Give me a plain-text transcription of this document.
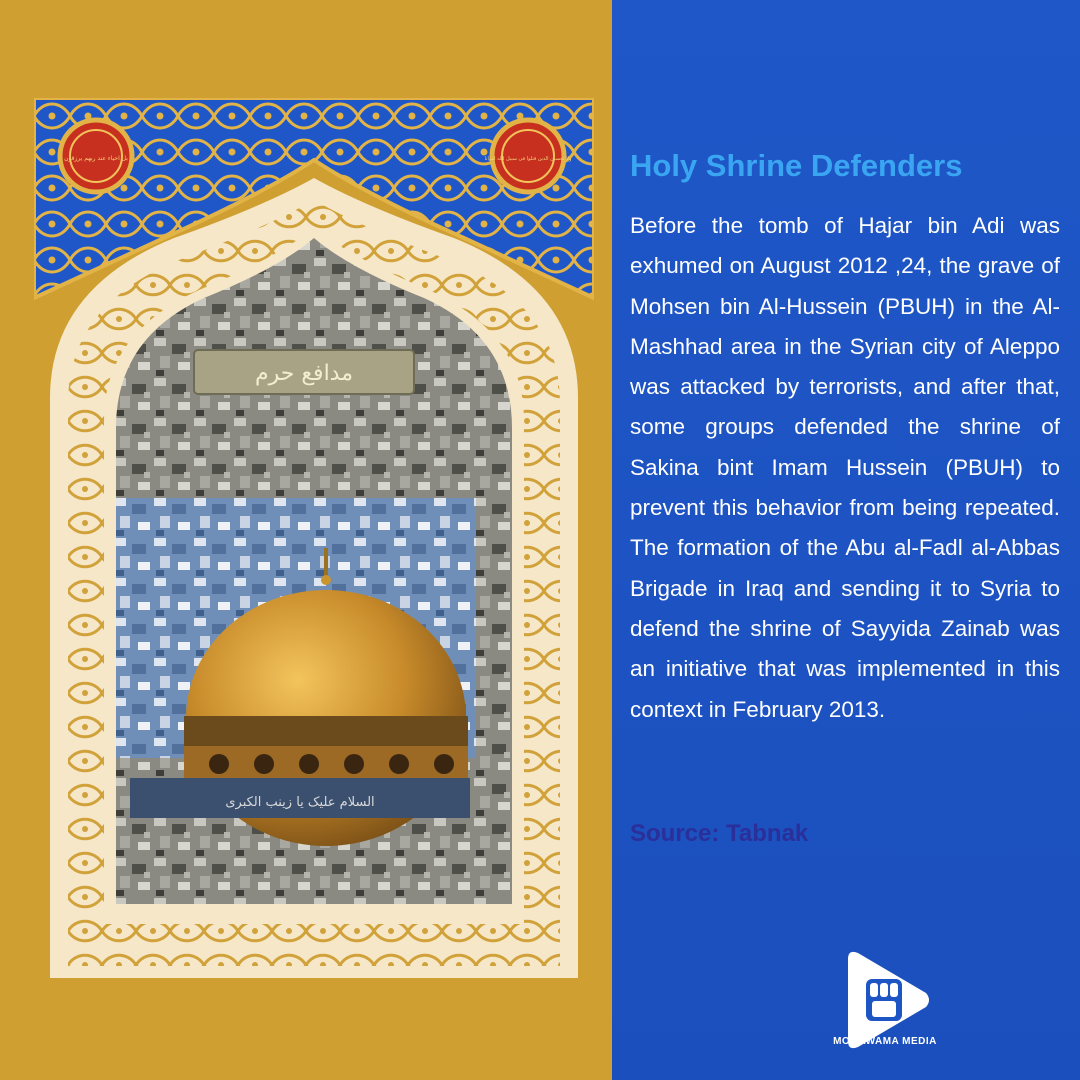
مدافع حرم
السلام علیک یا زینب الکبری
بل احیاء عند ربهم یرزقون	ولا تحسبن الذین قتلوا فی سبیل الله امواتا Holy Shrine Defenders

Before the tomb of Hajar bin Adi was exhumed on August 2012 ,24, the grave of Mohsen bin Al-Hussein (PBUH) in the Al-Mashhad area in the Syrian city of Aleppo was attacked by terrorists, and after that, some groups defended the shrine of Sakina bint Imam Hussein (PBUH) to prevent this behavior from being repeated. The formation of the Abu al-Fadl al-Abbas Brigade in Iraq and sending it to Syria to defend the shrine of Sayyida Zainab was an initiative that was implemented in this context in February 2013.

Source: Tabnak
MOQAWAMA MEDIA
